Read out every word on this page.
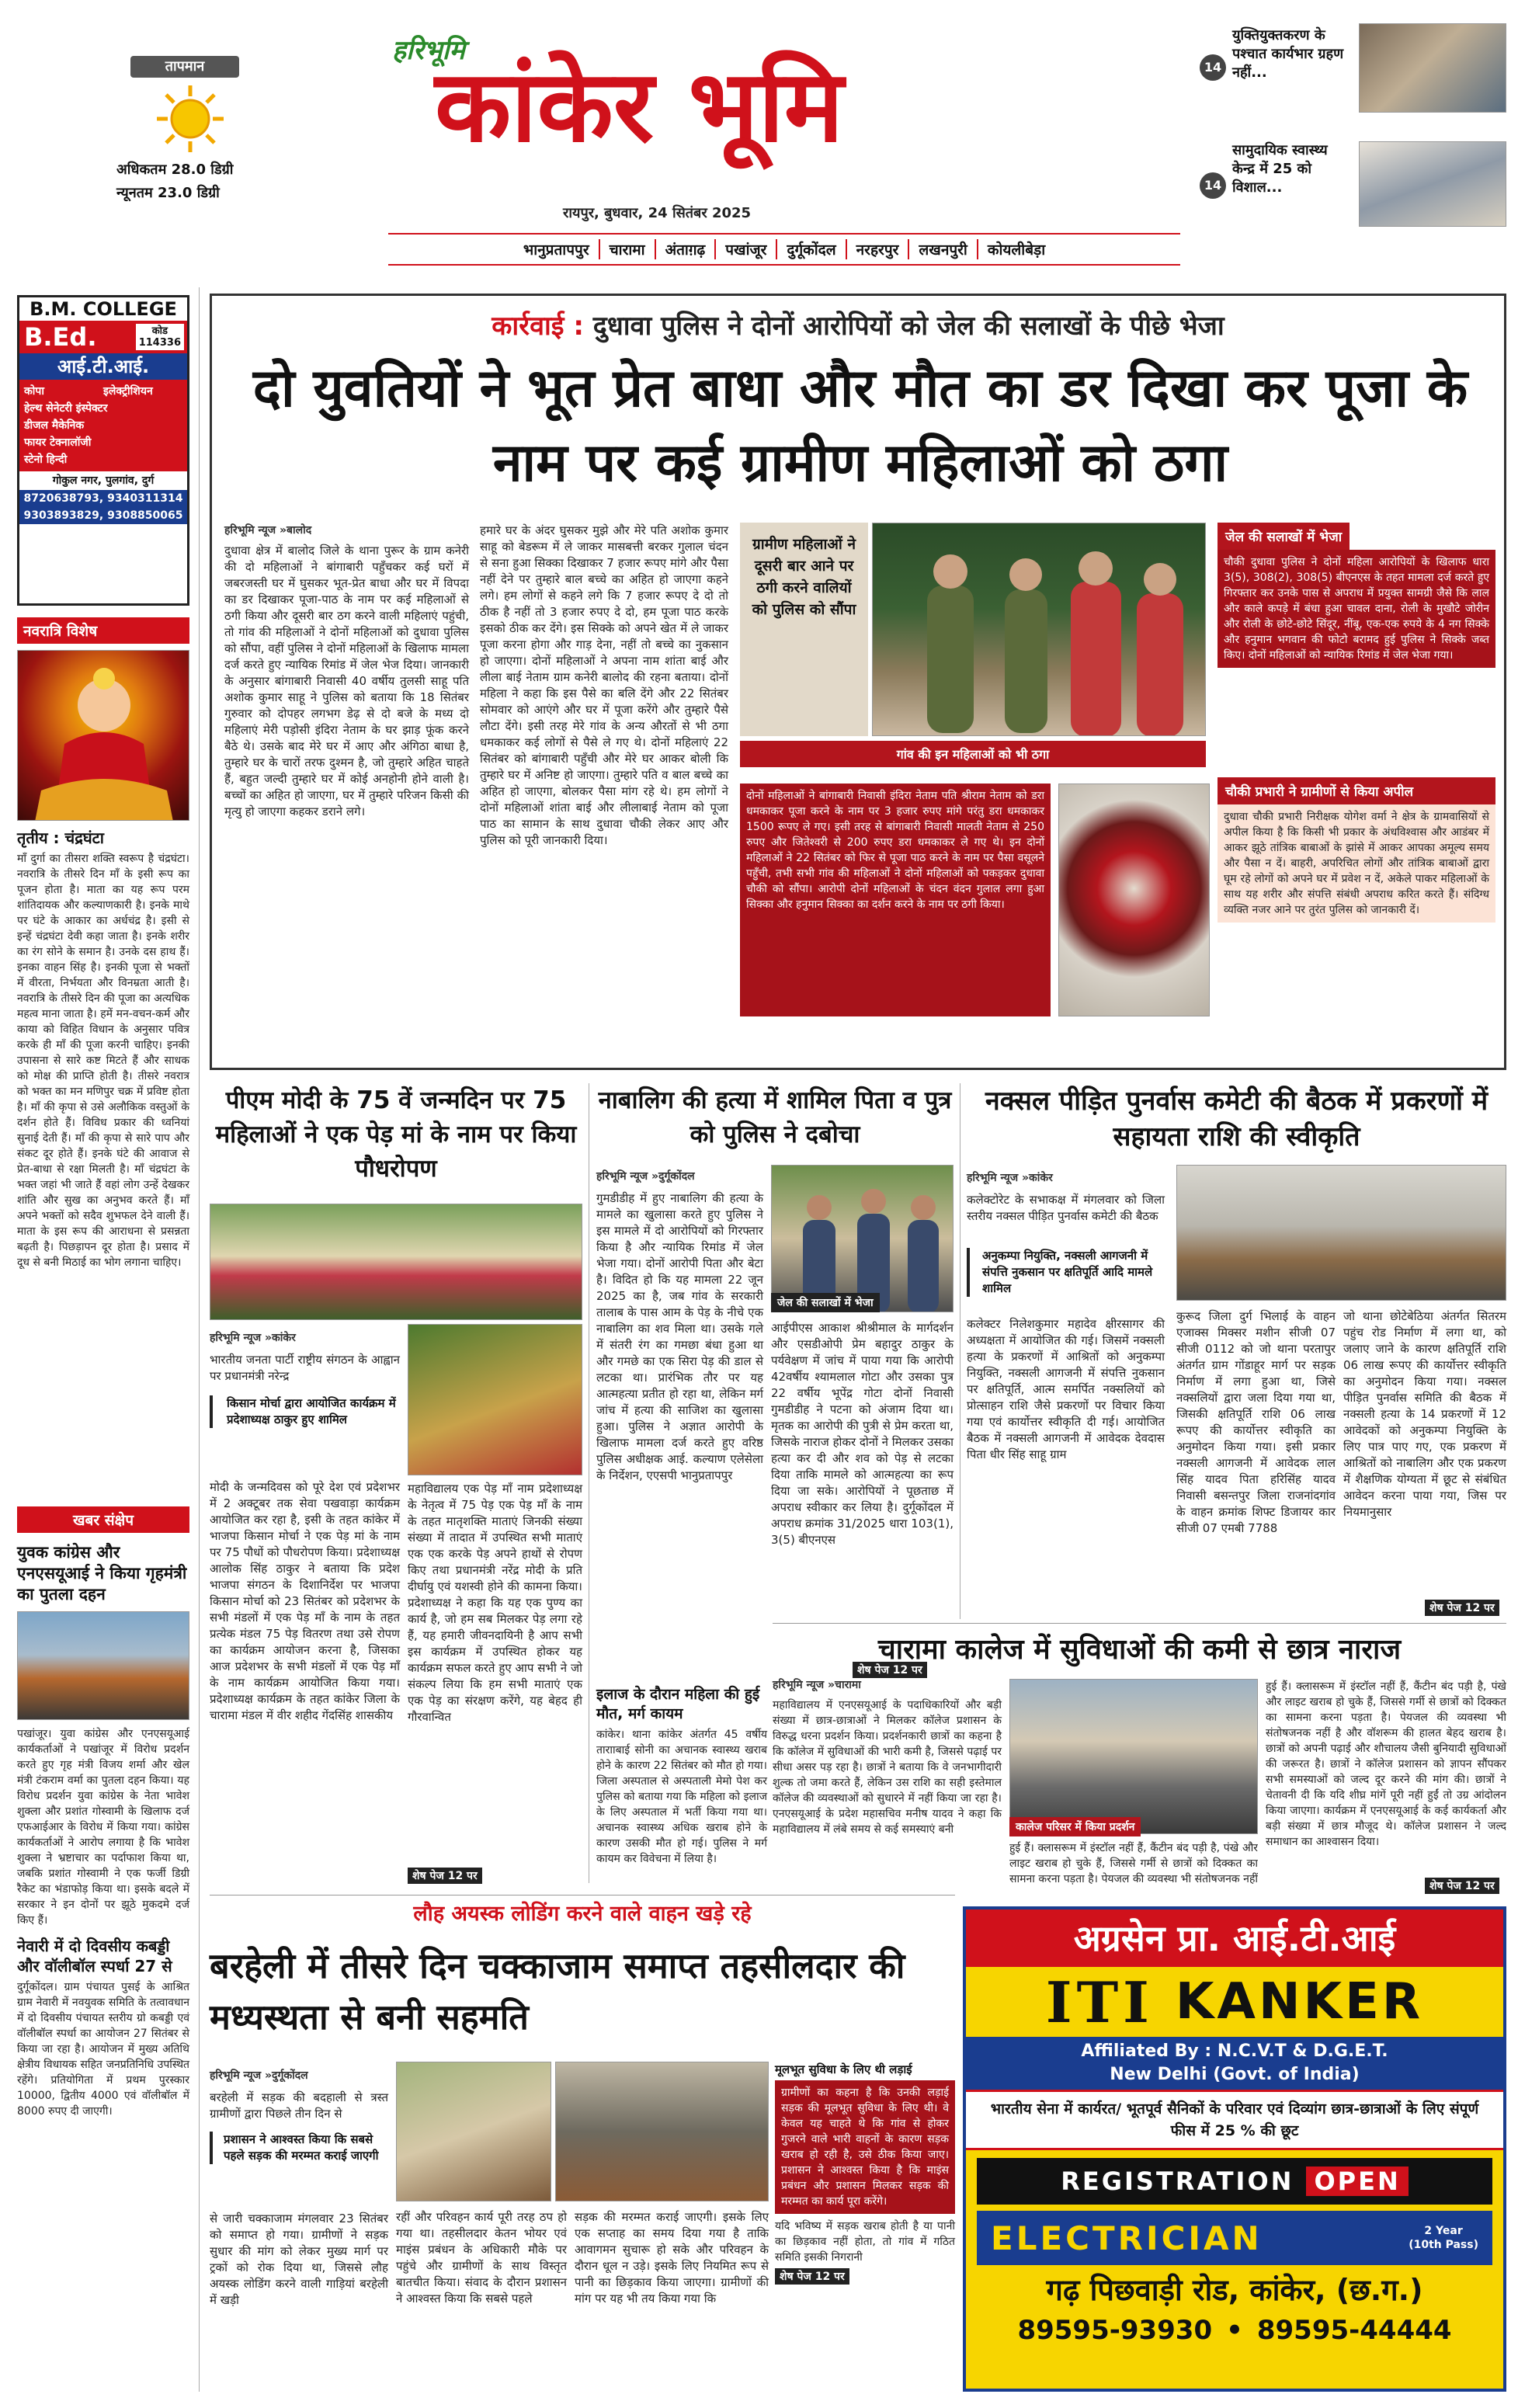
तापमान
अधिकतम 28.0 डिग्री
न्यूनतम 23.0 डिग्री
हरिभूमि
कांकेर भूमि
रायपुर, बुधवार, 24 सितंबर 2025
भानुप्रतापपुर	चारामा	अंताग़ढ़	पखांजूर	दुर्गूकोंदल	नरहरपुर	लखनपुरी	कोयलीबेड़ा
14
युक्तियुक्तकरण के पश्चात कार्यभार ग्रहण नहीं...
14
सामुदायिक स्वास्थ्य केन्द्र में 25 को विशाल...
B.M. COLLEGE
B.Ed.	कोड
114336
आई.टी.आई.
कोपा	इलेक्ट्रीशियन
हेल्थ सेनेटरी इंस्पेक्टर
डीजल मैकेनिक
फायर टेक्नालॉजी
स्टेनो हिन्दी
गोकुल नगर, पुलगांव, दुर्ग
8720638793, 9340311314
9303893829, 9308850065
नवरात्रि विशेष
तृतीय : चंद्रघंटा
माँ दुर्गा का तीसरा शक्ति स्वरूप है चंद्रघंटा। नवरात्रि के तीसरे दिन माँ के इसी रूप का पूजन होता है। माता का यह रूप परम शांतिदायक और कल्याणकारी है। इनके माथे पर घंटे के आकार का अर्धचंद्र है। इसी से इन्हें चंद्रघंटा देवी कहा जाता है। इनके शरीर का रंग सोने के समान है। उनके दस हाथ हैं। इनका वाहन सिंह है। इनकी पूजा से भक्तों में वीरता, निर्भयता और विनम्रता आती है। नवरात्रि के तीसरे दिन की पूजा का अत्यधिक महत्व माना जाता है। हमें मन-वचन-कर्म और काया को विहित विधान के अनुसार पवित्र करके ही माँ की पूजा करनी चाहिए। इनकी उपासना से सारे कष्ट मिटते हैं और साधक को मोक्ष की प्राप्ति होती है। तीसरे नवरात्र को भक्त का मन मणिपुर चक्र में प्रविष्ट होता है। माँ की कृपा से उसे अलौकिक वस्तुओं के दर्शन होते हैं। विविध प्रकार की ध्वनियां सुनाई देती हैं। माँ की कृपा से सारे पाप और संकट दूर होते हैं। इनके घंटे की आवाज से प्रेत-बाधा से रक्षा मिलती है। माँ चंद्रघंटा के भक्त जहां भी जाते हैं वहां लोग उन्हें देखकर शांति और सुख का अनुभव करते हैं। माँ अपने भक्तों को सदैव शुभफल देने वाली हैं। माता के इस रूप की आराधना से प्रसन्नता बढ़ती है। पिछड़ापन दूर होता है। प्रसाद में दूध से बनी मिठाई का भोग लगाना चाहिए।
खबर संक्षेप
युवक कांग्रेस और एनएसयूआई ने किया गृहमंत्री का पुतला दहन
पखांजूर। युवा कांग्रेस और एनएसयूआई कार्यकर्ताओं ने पखांजूर में विरोध प्रदर्शन करते हुए गृह मंत्री विजय शर्मा और खेल मंत्री टंकराम वर्मा का पुतला दहन किया। यह विरोध प्रदर्शन युवा कांग्रेस के नेता भावेश शुक्ला और प्रशांत गोस्वामी के खिलाफ दर्ज एफआईआर के विरोध में किया गया। कांग्रेस कार्यकर्ताओं ने आरोप लगाया है कि भावेश शुक्ला ने भ्रष्टाचार का पर्दाफाश किया था, जबकि प्रशांत गोस्वामी ने एक फर्जी डिग्री रैकेट का भंडाफोड़ किया था। इसके बदले में सरकार ने इन दोनों पर झूठे मुकदमे दर्ज किए हैं।
नेवारी में दो दिवसीय कबड्डी और वॉलीबॉल स्पर्धा 27 से
दुर्गूकोंदल। ग्राम पंचायत पुसई के आश्रित ग्राम नेवारी में नवयुवक समिति के तत्वावधान में दो दिवसीय पंचायत स्तरीय ग्रो कबड्डी एवं वॉलीबॉल स्पर्धा का आयोजन 27 सितंबर से किया जा रहा है। आयोजन में मुख्य अतिथि क्षेत्रीय विधायक सहित जनप्रतिनिधि उपस्थित रहेंगे। प्रतियोगिता में प्रथम पुरस्कार 10000, द्वितीय 4000 एवं वॉलीबॉल में 8000 रुपए दी जाएगी।
कार्रवाई : दुधावा पुलिस ने दोनों आरोपियों को जेल की सलाखों के पीछे भेजा
दो युवतियों ने भूत प्रेत बाधा और मौत का डर दिखा कर पूजा के नाम पर कई ग्रामीण महिलाओं को ठगा
हरिभूमि न्यूज »बालोद
दुधावा क्षेत्र में बालोद जिले के थाना पुरूर के ग्राम कनेरी की दो महिलाओं ने बांगाबारी पहुँचकर कई घरों में जबरजस्ती घर में घुसकर भूत-प्रेत बाधा और घर में विपदा का डर दिखाकर पूजा-पाठ के नाम पर कई महिलाओं से ठगी किया और दूसरी बार ठग करने वाली महिलाएं पहुंची, तो गांव की महिलाओं ने दोनों महिलाओं को दुधावा पुलिस को सौंपा, वहीं पुलिस ने दोनों महिलाओं के खिलाफ मामला दर्ज करते हुए न्यायिक रिमांड में जेल भेज दिया। जानकारी के अनुसार बांगाबारी निवासी 40 वर्षीय तुलसी साहू पति अशोक कुमार साहू ने पुलिस को बताया कि 18 सितंबर गुरुवार को दोपहर लगभग डेढ़ से दो बजे के मध्य दो महिलाएं मेरी पड़ोसी इंदिरा नेताम के घर झाड़ फूंक करने बैठे थे। उसके बाद मेरे घर में आए और अंगिठा बाधा है, तुम्हारे घर के चारों तरफ दुश्मन है, जो तुम्हारे अहित चाहते हैं, बहुत जल्दी तुम्हारे घर में कोई अनहोनी होने वाली है। बच्चों का अहित हो जाएगा, घर में तुम्हारे परिजन किसी की मृत्यु हो जाएगा कहकर डराने लगे।
हमारे घर के अंदर घुसकर मुझे और मेरे पति अशोक कुमार साहू को बेडरूम में ले जाकर मासबत्ती बरकर गुलाल चंदन से सना हुआ सिक्का दिखाकर 7 हजार रूपए मांगे और पैसा नहीं देने पर तुम्हारे बाल बच्चे का अहित हो जाएगा कहने लगे। हम लोगों से कहने लगे कि 7 हजार रूपए दे दो तो ठीक है नहीं तो 3 हजार रुपए दे दो, हम पूजा पाठ करके इसको ठीक कर देंगे। इस सिक्के को अपने खेत में ले जाकर पूजा करना होगा और गाड़ देना, नहीं तो बच्चे का नुकसान हो जाएगा। दोनों महिलाओं ने अपना नाम शांता बाई और लीला बाई नेताम ग्राम कनेरी बालोद की रहना बताया। दोनों महिला ने कहा कि इस पैसे का बलि देंगे और 22 सितंबर सोमवार को आएंगे और घर में पूजा करेंगे और तुम्हारे पैसे लौटा देंगे। इसी तरह मेरे गांव के अन्य औरतों से भी ठगा धमकाकर कई लोगों से पैसे ले गए थे। दोनों महिलाएं 22 सितंबर को बांगाबारी पहुँची और मेरे घर आकर बोली कि तुम्हारे घर में अनिष्ट हो जाएगा। तुम्हारे पति व बाल बच्चे का अहित हो जाएगा, बोलकर पैसा मांग रहे थे। हम लोगों ने दोनों महिलाओं शांता बाई और लीलाबाई नेताम को पूजा पाठ का सामान के साथ दुधावा चौकी लेकर आए और पुलिस को पूरी जानकारी दिया।
ग्रामीण महिलाओं ने दूसरी बार आने पर ठगी करने वालियों को पुलिस को सौंपा
गांव की इन महिलाओं को भी ठगा
जेल की सलाखों में भेजा
चौकी दुधावा पुलिस ने दोनों महिला आरोपियों के खिलाफ धारा 3(5), 308(2), 308(5) बीएनएस के तहत मामला दर्ज करते हुए गिरफ्तार कर उनके पास से अपराध में प्रयुक्त सामग्री जैसे कि लाल और काले कपड़े में बंधा हुआ चावल दाना, रोली के मुखौटे जोरीन और रोली के छोटे-छोटे सिंदूर, नींबू, एक-एक रुपये के 4 नग सिक्के और हनुमान भगवान की फोटो बरामद हुई पुलिस ने सिक्के जब्त किए। दोनों महिलाओं को न्यायिक रिमांड में जेल भेजा गया।
चौकी प्रभारी ने ग्रामीणों से किया अपील
दुधावा चौकी प्रभारी निरीक्षक योगेश वर्मा ने क्षेत्र के ग्रामवासियों से अपील किया है कि किसी भी प्रकार के अंधविश्वास और आडंबर में आकर झूठे तांत्रिक बाबाओं के झांसे में आकर आपका अमूल्य समय और पैसा न दें। बाहरी, अपरिचित लोगों और तांत्रिक बाबाओं द्वारा घूम रहे लोगों को अपने घर में प्रवेश न दें, अकेले पाकर महिलाओं के साथ यह शरीर और संपत्ति संबंधी अपराध करित करते हैं। संदिग्ध व्यक्ति नजर आने पर तुरंत पुलिस को जानकारी दें।
दोनों महिलाओं ने बांगाबारी निवासी इंदिरा नेताम पति श्रीराम नेताम को डरा धमकाकर पूजा करने के नाम पर 3 हजार रुपए मांगे परंतु डरा धमकाकर 1500 रूपए ले गए। इसी तरह से बांगाबारी निवासी मालती नेताम से 250 रुपए और जितेश्वरी से 200 रुपए डरा धमकाकर ले गए थे। इन दोनों महिलाओं ने 22 सितंबर को फिर से पूजा पाठ करने के नाम पर पैसा वसूलने पहुँची, तभी सभी गांव की महिलाओं ने दोनों महिलाओं को पकड़कर दुधावा चौकी को सौंपा। आरोपी दोनों महिलाओं के चंदन वंदन गुलाल लगा हुआ सिक्का और हनुमान सिक्का का दर्शन करने के नाम पर ठगी किया।
पीएम मोदी के 75 वें जन्मदिन पर 75 महिलाओं ने एक पेड़ मां के नाम पर किया पौधरोपण
हरिभूमि न्यूज »कांकेर
भारतीय जनता पार्टी राष्ट्रीय संगठन के आह्वान पर प्रधानमंत्री नरेन्द्र
किसान मोर्चा द्वारा आयोजित कार्यक्रम में प्रदेशाध्यक्ष ठाकुर हुए शामिल
मोदी के जन्मदिवस को पूरे देश एवं प्रदेशभर में 2 अक्टूबर तक सेवा पखवाड़ा कार्यक्रम आयोजित कर रहा है, इसी के तहत कांकेर में भाजपा किसान मोर्चा ने एक पेड़ मां के नाम पर 75 पौधों को पौधरोपण किया। प्रदेशाध्यक्ष आलोक सिंह ठाकुर ने बताया कि प्रदेश भाजपा संगठन के दिशानिर्देश पर भाजपा किसान मोर्चा को 23 सितंबर को प्रदेशभर के सभी मंडलों में एक पेड़ माँ के नाम के तहत प्रत्येक मंडल 75 पेड़ वितरण तथा उसे रोपण का कार्यक्रम आयोजन करना है, जिसका आज प्रदेशभर के सभी मंडलों में एक पेड़ माँ के नाम कार्यक्रम आयोजित किया गया। प्रदेशाध्यक्ष कार्यक्रम के तहत कांकेर जिला के चारामा मंडल में वीर शहीद गेंदसिंह शासकीय
महाविद्यालय एक पेड़ माँ नाम प्रदेशाध्यक्ष के नेतृत्व में 75 पेड़ एक पेड़ माँ के नाम के तहत मातृशक्ति माताएं जिनकी संख्या संख्या में तादात में उपस्थित सभी माताएं एक एक करके पेड़ अपने हाथों से रोपण किए तथा प्रधानमंत्री नरेंद्र मोदी के प्रति दीर्घायु एवं यशस्वी होने की कामना किया। प्रदेशाध्यक्ष ने कहा कि यह एक पुण्य का कार्य है, जो हम सब मिलकर पेड़ लगा रहे हैं, यह हमारी जीवनदायिनी है आप सभी इस कार्यक्रम में उपस्थित होकर यह कार्यक्रम सफल करते हुए आप सभी ने जो संकल्प लिया कि हम सभी माताएं एक एक पेड़ का संरक्षण करेंगे, यह बेहद ही गौरवान्वित
शेष पेज 12 पर
नाबालिग की हत्या में शामिल पिता व पुत्र को पुलिस ने दबोचा
हरिभूमि न्यूज »दुर्गूकोंदल
गुमडीडीह में हुए नाबालिग की हत्या के मामले का खुलासा करते हुए पुलिस ने इस मामले में दो आरोपियों को गिरफ्तार किया है और न्यायिक रिमांड में जेल भेजा गया। दोनों आरोपी पिता और बेटा है। विदित हो कि यह मामला 22 जून 2025 का है, जब गांव के सरकारी तालाब के पास आम के पेड़ के नीचे एक नाबालिग का शव मिला था। उसके गले में संतरी रंग का गमछा बंधा हुआ था और गमछे का एक सिरा पेड़ की डाल से लटका था। प्रारंभिक तौर पर यह आत्महत्या प्रतीत हो रहा था, लेकिन मर्ग जांच में हत्या की साजिश का खुलासा हुआ। पुलिस ने अज्ञात आरोपी के खिलाफ मामला दर्ज करते हुए वरिष्ठ पुलिस अधीक्षक आई. कल्याण एलेसेला के निर्देशन, एएसपी भानुप्रतापपुर
जेल की सलाखों में भेजा
आईपीएस आकाश श्रीश्रीमाल के मार्गदर्शन और एसडीओपी प्रेम बहादुर ठाकुर के पर्यवेक्षण में जांच में पाया गया कि आरोपी 42वर्षीय श्यामलाल गोटा और उसका पुत्र 22 वर्षीय भूपेंद्र गोटा दोनों निवासी गुमडीडीह ने पटना को अंजाम दिया था। मृतक का आरोपी की पुत्री से प्रेम करता था, जिसके नाराज होकर दोनों ने मिलकर उसका हत्या कर दी और शव को पेड़ से लटका दिया ताकि मामले को आत्महत्या का रूप दिया जा सके। आरोपियों ने पूछताछ में अपराध स्वीकार कर लिया है। दुर्गूकोंदल में अपराध क्रमांक 31/2025 धारा 103(1), 3(5) बीएनएस
शेष पेज 12 पर
इलाज के दौरान महिला की हुई मौत, मर्ग कायम
कांकेर। थाना कांकेर अंतर्गत 45 वर्षीय तारााबाई सोनी का अचानक स्वास्थ्य खराब होने के कारण 22 सितंबर को मौत हो गया। जिला अस्पताल से अस्पताली मेमो पेश कर पुलिस को बताया गया कि महिला को इलाज के लिए अस्पताल में भर्ती किया गया था। अचानक स्वास्थ्य अधिक खराब होने के कारण उसकी मौत हो गई। पुलिस ने मर्ग कायम कर विवेचना में लिया है।
नक्सल पीड़ित पुनर्वास कमेटी की बैठक में प्रकरणों में सहायता राशि की स्वीकृति
हरिभूमि न्यूज »कांकेर
कलेक्टोरेट के सभाकक्ष में मंगलवार को जिला स्तरीय नक्सल पीड़ित पुनर्वास कमेटी की बैठक
अनुकम्पा नियुक्ति, नक्सली आगजनी में संपत्ति नुकसान पर क्षतिपूर्ति आदि मामले शामिल
कलेक्टर निलेशकुमार महादेव क्षीरसागर की अध्यक्षता में आयोजित की गई। जिसमें नक्सली हत्या के प्रकरणों में आश्रितों को अनुकम्पा नियुक्ति, नक्सली आगजनी में संपत्ति नुकसान पर क्षतिपूर्ति, आत्म समर्पित नक्सलियों को प्रोत्साहन राशि जैसे प्रकरणों पर विचार किया गया एवं कार्योत्तर स्वीकृति दी गई। आयोजित बैठक में नक्सली आगजनी में आवेदक देवदास पिता धीर सिंह साहू ग्राम
कुरूद जिला दुर्ग भिलाई के वाहन एजाक्स मिक्सर मशीन सीजी 07 सीजी 0112 को जो थाना परतापुर अंतर्गत ग्राम गोंडाहूर मार्ग पर सड़क निर्माण में लगा हुआ था, जिसे नक्सलियों द्वारा जला दिया गया था, जिसकी क्षतिपूर्ति राशि 06 लाख रूपए की कार्योत्तर स्वीकृति का अनुमोदन किया गया। इसी प्रकार नक्सली आगजनी में आवेदक लाल सिंह यादव पिता हरिसिंह यादव निवासी बसन्तपुर जिला राजनांदगांव के वाहन क्रमांक शिफ्ट डिजायर कार सीजी 07 एमबी 7788
जो थाना छोटेबेठिया अंतर्गत सितरम पहुंच रोड निर्माण में लगा था, को जलाए जाने के कारण क्षतिपूर्ति राशि 06 लाख रूपए की कार्योत्तर स्वीकृति का अनुमोदन किया गया। नक्सल पीड़ित पुनर्वास समिति की बैठक में नक्सली हत्या के 14 प्रकरणों में 12 आवेदकों को अनुकम्पा नियुक्ति के लिए पात्र पाए गए, एक प्रकरण में आश्रितों को नाबालिग और एक प्रकरण में शैक्षणिक योग्यता में छूट से संबंधित आवेदन करना पाया गया, जिस पर नियमानुसार
शेष पेज 12 पर
चारामा कालेज में सुविधाओं की कमी से छात्र नाराज
हरिभूमि न्यूज »चारामा
महाविद्यालय में एनएसयूआई के पदाधिकारियों और बड़ी संख्या में छात्र-छात्राओं ने मिलकर कॉलेज प्रशासन के विरुद्ध धरना प्रदर्शन किया। प्रदर्शनकारी छात्रों का कहना है कि कॉलेज में सुविधाओं की भारी कमी है, जिससे पढ़ाई पर सीधा असर पड़ रहा है। छात्रों ने बताया कि वे जनभागीदारी शुल्क तो जमा करते हैं, लेकिन उस राशि का सही इस्तेमाल कॉलेज की व्यवस्थाओं को सुधारने में नहीं किया जा रहा है। एनएसयूआई के प्रदेश महासचिव मनीष यादव ने कहा कि महाविद्यालय में लंबे समय से कई समस्याएं बनी	कालेज परिसर में किया प्रदर्शन
हुई हैं। क्लासरूम में इंस्टॉल नहीं हैं, कैंटीन बंद पड़ी है, पंखे और लाइट खराब हो चुके हैं, जिससे गर्मी से छात्रों को दिक्कत का सामना करना पड़ता है। पेयजल की व्यवस्था भी संतोषजनक नहीं
हुई हैं। क्लासरूम में इंस्टॉल नहीं हैं, कैंटीन बंद पड़ी है, पंखे और लाइट खराब हो चुके हैं, जिससे गर्मी से छात्रों को दिक्कत का सामना करना पड़ता है। पेयजल की व्यवस्था भी संतोषजनक नहीं है और वॉशरूम की हालत बेहद खराब है। छात्रों को अपनी पढ़ाई और शौचालय जैसी बुनियादी सुविधाओं की जरूरत है। छात्रों ने कॉलेज प्रशासन को ज्ञापन सौंपकर सभी समस्याओं को जल्द दूर करने की मांग की। छात्रों ने चेतावनी दी कि यदि शीघ्र मांगें पूरी नहीं हुईं तो उग्र आंदोलन किया जाएगा। कार्यक्रम में एनएसयूआई के कई कार्यकर्ता और बड़ी संख्या में छात्र मौजूद थे। कॉलेज प्रशासन ने जल्द समाधान का आश्वासन दिया।
शेष पेज 12 पर
लौह अयस्क लोडिंग करने वाले वाहन खड़े रहे
बरहेली में तीसरे दिन चक्काजाम समाप्त तहसीलदार की मध्यस्थता से बनी सहमति
हरिभूमि न्यूज »दुर्गूकोंदल
बरहेली में सड़क की बदहाली से त्रस्त ग्रामीणों द्वारा पिछले तीन दिन से
प्रशासन ने आश्वस्त किया कि सबसे पहले सड़क की मरम्मत कराई जाएगी
से जारी चक्काजाम मंगलवार 23 सितंबर को समाप्त हो गया। ग्रामीणों ने सड़क सुधार की मांग को लेकर मुख्य मार्ग पर ट्रकों को रोक दिया था, जिससे लौह अयस्क लोडिंग करने वाली गाड़ियां बरहेली में खड़ी
रहीं और परिवहन कार्य पूरी तरह ठप हो गया था। तहसीलदार केतन भोयर एवं माइंस प्रबंधन के अधिकारी मौके पर पहुंचे और ग्रामीणों के साथ विस्तृत बातचीत किया। संवाद के दौरान प्रशासन ने आश्वस्त किया कि सबसे पहले
सड़क की मरम्मत कराई जाएगी। इसके लिए एक सप्ताह का समय दिया गया है ताकि आवागमन सुचारू हो सके और परिवहन के दौरान धूल न उड़े। इसके लिए नियमित रूप से पानी का छिड़काव किया जाएगा। ग्रामीणों की मांग पर यह भी तय किया गया कि
मूलभूत सुविधा के लिए थी लड़ाई
ग्रामीणों का कहना है कि उनकी लड़ाई सड़क की मूलभूत सुविधा के लिए थी। वे केवल यह चाहते थे कि गांव से होकर गुजरने वाले भारी वाहनों के कारण सड़क खराब हो रही है, उसे ठीक किया जाए। प्रशासन ने आश्वस्त किया है कि माइंस प्रबंधन और प्रशासन मिलकर सड़क की मरम्मत का कार्य पूरा करेंगे।
यदि भविष्य में सड़क खराब होती है या पानी का छिड़काव नहीं होता, तो गांव में गठित समिति इसकी निगरानी
शेष पेज 12 पर
अग्रसेन प्रा. आई.टी.आई
ITI KANKER
Affiliated By : N.C.V.T & D.G.E.T.
New Delhi (Govt. of India)
भारतीय सेना में कार्यरत/ भूतपूर्व सैनिकों के परिवार एवं दिव्यांग छात्र-छात्राओं के लिए संपूर्ण फीस में 25 % की छूट
REGISTRATION OPEN
ELECTRICIAN	2 Year
(10th Pass)
गढ़ पिछवाड़ी रोड, कांकेर, (छ.ग.)
89595-93930 • 89595-44444
